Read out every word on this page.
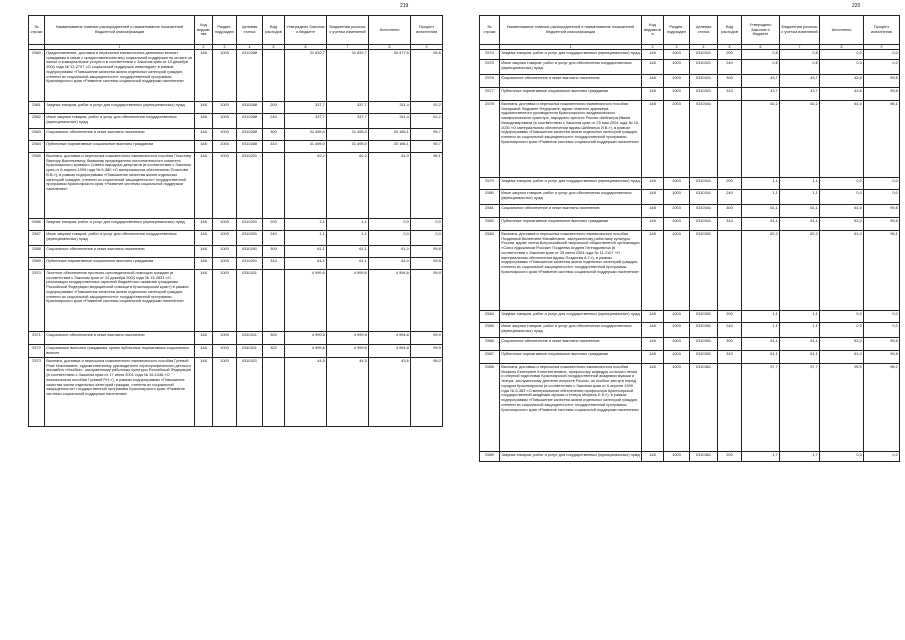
219
№ строки	Наименование главных распорядителей и наименование показателей бюджетной классификации	Код ведомства	Раздел-подраздел	Целевая статья	Вид расходов	Утверждено Законом о бюджете	Бюджетная роспись с учетом изменений	Исполнено	Процент исполнения
	1	2	3	4	5	6	7	8	9
2560	Предоставление, доставка и пересылка ежемесячных денежных выплат гражданам в связи с предоставлением мер социальной поддержки по оплате за жилье и коммунальные услуги и в соответствии с Законом края от 10 декабря 2004 года № 12-2707 «О социальной поддержке инвалидов» в рамках подпрограммы «Повышение качества жизни отдельных категорий граждан, степени их социальной защищенности» государственной программы Красноярского края «Развитие системы социальной поддержки населения»	148	1003	0310288		31 832,7	31 832,7	30 477,5	95,6
2561	Закупка товаров, работ и услуг для государственных (муниципальных) нужд	148	1003	0310288	200	337,7	337,7	311,4	92,2
2562	Иные закупки товаров, работ и услуг для обеспечения государственных (муниципальных) нужд	148	1003	0310288	240	337,7	337,7	311,4	92,2
2563	Социальное обеспечение и иные выплаты населению	148	1003	0310288	300	31 495,0	31 495,0	30 166,1	95,7
2564	Публичные нормативные социальные выплаты гражданам	148	1003	0310288	310	31 495,0	31 495,0	30 166,1	95,7
2565	Выплата, доставка и пересылка пожизненного ежемесячного пособия Пластову Виктору Васильевичу, бывшему председателю исполнительного комитета Красноярского краевого Совета народных депутатов (в соответствии с Законом края от 6 апреля 1999 года № 6-380 «О материальном обеспечении Пластова В.В.»), в рамках подпрограммы «Повышение качества жизни отдельных категорий граждан, степени их социальной защищенности» государственной программы Красноярского края «Развитие системы социальной поддержки населения»	148	1003	0310291		62,2	62,2	61,0	98,1
2566	Закупка товаров, работ и услуг для государственных (муниципальных) нужд	148	1003	0310291	200	1,1	1,1	0,0	0,0
2567	Иные закупки товаров, работ и услуг для обеспечения государственных (муниципальных) нужд	148	1003	0310291	240	1,1	1,1	0,0	0,0
2568	Социальное обеспечение и иные выплаты населению	148	1003	0310291	300	61,1	61,1	61,0	99,8
2569	Публичные нормативные социальные выплаты гражданам	148	1003	0310291	310	61,1	61,1	61,0	99,8
2570	Льготное обеспечение протезно-ортопедической помощью граждан (в соответствии с Законом края от 24 декабря 2004 года № 13-2831 «О реализации государственных гарантий бюджетного оказания гражданам Российской Федерации медицинской помощи в Красноярском крае») в рамках подпрограммы «Повышение качества жизни отдельных категорий граждан, степени их социальной защищенности» государственной программы Красноярского края «Развитие системы социальной поддержки населения»	148	1003	0310311		4 999,6	4 999,6	4 994,8	99,9
2571	Социальное обеспечение и иные выплаты населению	148	1003	0310311	300	4 999,6	4 999,6	4 994,8	99,9
2572	Социальные выплаты гражданам, кроме публичных нормативных социальных выплат	148	1003	0310311	320	4 999,6	4 999,6	4 994,8	99,9
2573	Выплата, доставка и пересылка пожизненного ежемесячного пособия Гусевой Розе Николаевне, художественному руководителю хореографического детского ансамбля «Улыбка», заслуженному работнику культуры Российской Федерации (в соответствии с Законом края от 17 июля 2001 года № 15-1448 «О ежемесячном пособии Гусевой Р.Н.»), в рамках подпрограммы «Повышение качества жизни отдельных категорий граждан, степени их социальной защищенности» государственной программы Красноярского края «Развитие системы социальной поддержки населения»	148	1003	0310321		44,5	44,5	43,6	98,0
220
№ строки	Наименование главных распорядителей и наименование показателей бюджетной классификации	Код ведомства	Раздел-подраздел	Целевая статья	Вид расходов	Утверждено Законом о бюджете	Бюджетная роспись с учетом изменений	Исполнено	Процент исполнения
	1	2	3	4	5	6	7	8	9
2574	Закупка товаров, работ и услуг для государственных (муниципальных) нужд	148	1003	0310321	200	0,8	0,8	0,0	0,0
2575	Иные закупки товаров, работ и услуг для обеспечения государственных (муниципальных) нужд	148	1003	0310321	240	0,8	0,8	0,0	0,0
2576	Социальное обеспечение и иные выплаты населению	148	1003	0310321	300	43,7	43,7	43,6	99,8
2577	Публичные нормативные социальные выплаты гражданам	148	1003	0310321	310	43,7	43,7	43,6	99,8
2578	Выплата, доставка и пересылка пожизненного ежемесячного пособия Захаровой Людмиле Федоровне, вдове главного дирижера, художественного руководителя Красноярского академического симфонического оркестра, народного артиста России Шейнкера Ивана Вольдемаровича (в соответствии с Законом края от 25 мая 2004 года № 10-2030 «О материальном обеспечении вдовы Шейнкера И.В.»), в рамках подпрограммы «Повышение качества жизни отдельных категорий граждан, степени их социальной защищенности» государственной программы Красноярского края «Развитие системы социальной поддержки населения»	148	1003	0310341		62,2	62,2	61,0	98,1
2579	Закупка товаров, работ и услуг для государственных (муниципальных) нужд	148	1003	0310341	200	1,1	1,1	0,0	0,0
2580	Иные закупки товаров, работ и услуг для обеспечения государственных (муниципальных) нужд	148	1003	0310341	240	1,1	1,1	0,0	0,0
2581	Социальное обеспечение и иные выплаты населению	148	1003	0310341	300	61,1	61,1	61,0	99,8
2582	Публичные нормативные социальные выплаты гражданам	148	1003	0310341	310	61,1	61,1	61,0	99,8
2583	Выплата, доставка и пересылка пожизненного ежемесячного пособия Поздеевой Валентине Михайловне, заслуженному работнику культуры России, вдове члена Всероссийской творческой общественной организации «Союз художников России» Поздеева Андрея Геннадьевича (в соответствии с Законом края от 25 июня 2004 года № 11-2107 «О материальном обеспечении вдовы Поздеева А.Г.»), в рамках подпрограммы «Повышение качества жизни отдельных категорий граждан, степени их социальной защищенности» государственной программы Красноярского края «Развитие системы социальной поддержки населения»	148	1003	0310351		62,2	62,2	61,0	98,1
2584	Закупка товаров, работ и услуг для государственных (муниципальных) нужд	148	1003	0310351	200	1,1	1,1	0,0	0,0
2585	Иные закупки товаров, работ и услуг для обеспечения государственных (муниципальных) нужд	148	1003	0310351	240	1,1	1,1	0,0	0,0
2586	Социальное обеспечение и иные выплаты населению	148	1003	0310351	300	61,1	61,1	61,0	99,8
2587	Публичные нормативные социальные выплаты гражданам	148	1003	0310351	310	61,1	61,1	61,0	99,8
2588	Выплата, доставка и пересылка пожизненного ежемесячного пособия Мофель Екатерине Константиновне, профессору кафедры сольного пения и оперной подготовки Красноярской государственной академии музыки и театра, заслуженному деятелю искусств России, за особые заслуги перед городом Красноярском (в соответствии с Законом края от 6 апреля 1999 года № 6-383 «О материальном обеспечении профессора Красноярской государственной академии музыки и театра Мофель Е.К.»), в рамках подпрограммы «Повышение качества жизни отдельных категорий граждан, степени их социальной защищенности» государственной программы Красноярского края «Развитие системы социальной поддержки населения»	148	1003	0310361		97,7	97,7	95,9	98,2
2589	Закупка товаров, работ и услуг для государственных (муниципальных) нужд	148	1003	0310361	200	1,7	1,7	0,0	0,0
